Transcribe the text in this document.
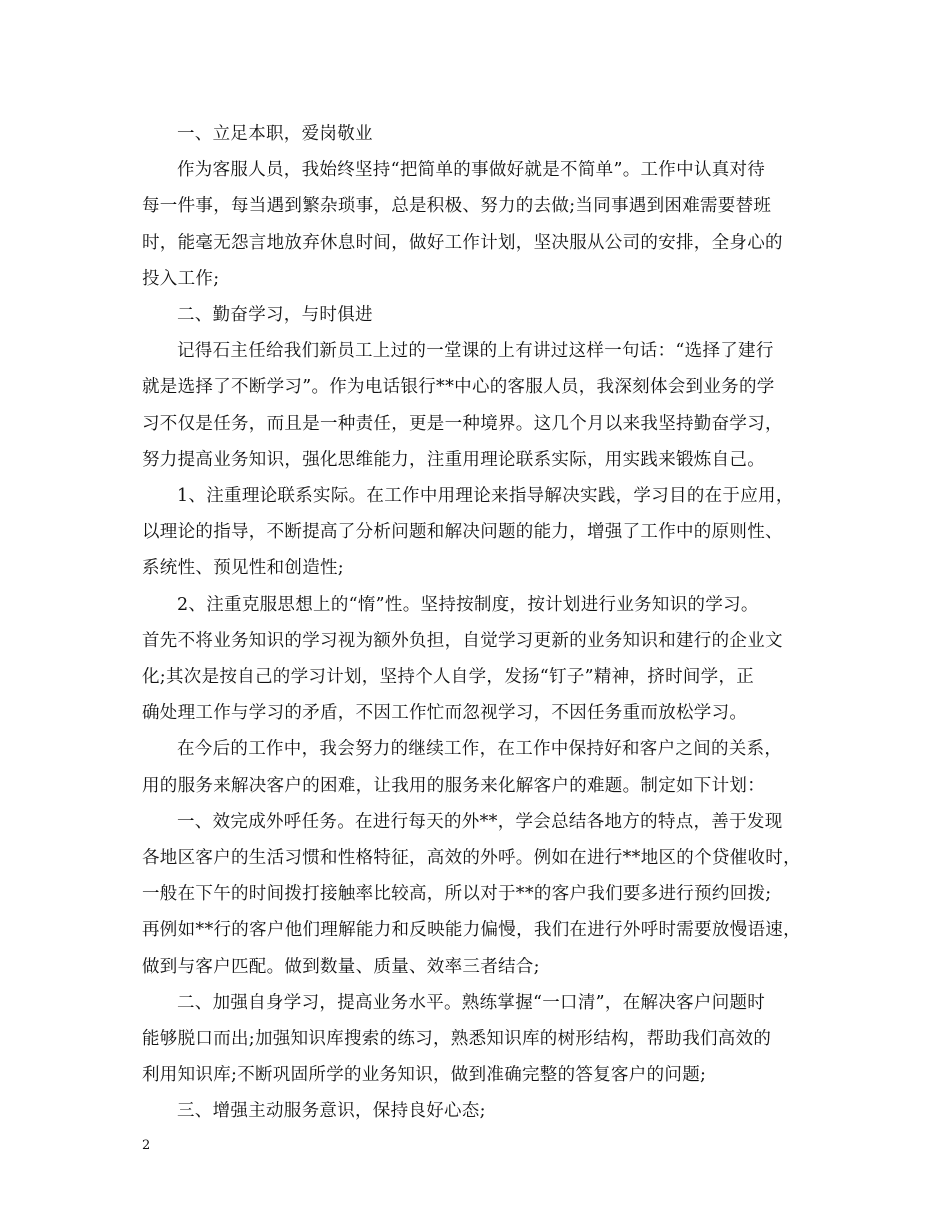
一、立足本职，爱岗敬业
作为客服人员，我始终坚持“把简单的事做好就是不简单”。工作中认真对待
每一件事，每当遇到繁杂琐事，总是积极、努力的去做;当同事遇到困难需要替班
时，能毫无怨言地放弃休息时间，做好工作计划，坚决服从公司的安排，全身心的
投入工作;
二、勤奋学习，与时俱进
记得石主任给我们新员工上过的一堂课的上有讲过这样一句话：“选择了建行
就是选择了不断学习”。作为电话银行**中心的客服人员，我深刻体会到业务的学
习不仅是任务，而且是一种责任，更是一种境界。这几个月以来我坚持勤奋学习，
努力提高业务知识，强化思维能力，注重用理论联系实际，用实践来锻炼自己。
1、注重理论联系实际。在工作中用理论来指导解决实践，学习目的在于应用，
以理论的指导，不断提高了分析问题和解决问题的能力，增强了工作中的原则性、
系统性、预见性和创造性;
2、注重克服思想上的“惰”性。坚持按制度，按计划进行业务知识的学习。
首先不将业务知识的学习视为额外负担，自觉学习更新的业务知识和建行的企业文
化;其次是按自己的学习计划，坚持个人自学，发扬“钉子”精神，挤时间学，正
确处理工作与学习的矛盾，不因工作忙而忽视学习，不因任务重而放松学习。
在今后的工作中，我会努力的继续工作，在工作中保持好和客户之间的关系，
用的服务来解决客户的困难，让我用的服务来化解客户的难题。制定如下计划：
一、效完成外呼任务。在进行每天的外**，学会总结各地方的特点，善于发现
各地区客户的生活习惯和性格特征，高效的外呼。例如在进行**地区的个贷催收时，
一般在下午的时间拨打接触率比较高，所以对于**的客户我们要多进行预约回拨;
再例如**行的客户他们理解能力和反映能力偏慢，我们在进行外呼时需要放慢语速，
做到与客户匹配。做到数量、质量、效率三者结合;
二、加强自身学习，提高业务水平。熟练掌握“一口清”，在解决客户问题时
能够脱口而出;加强知识库搜索的练习，熟悉知识库的树形结构，帮助我们高效的
利用知识库;不断巩固所学的业务知识，做到准确完整的答复客户的问题;
三、增强主动服务意识，保持良好心态;
2
